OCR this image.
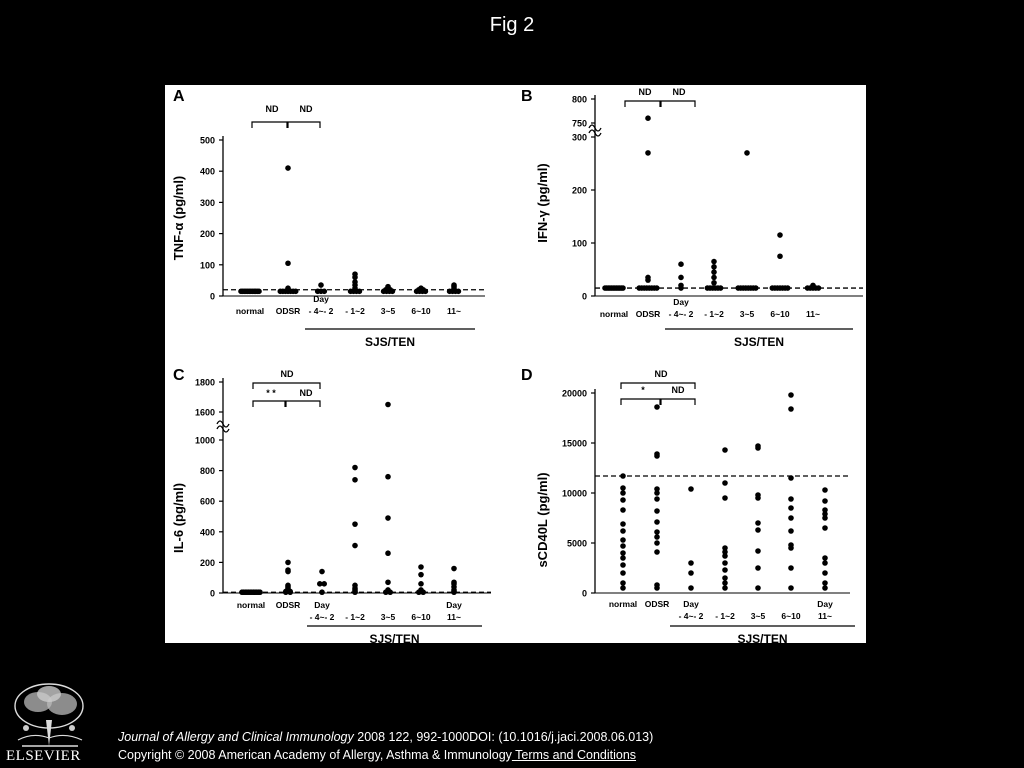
Fig 2
A
0
100
200
300
400
500
TNF-α (pg/ml)
normal ODSR
Day
- 4~- 2 - 1~2 3~5 6~10 11~
SJS/TEN
ND ND
B
0
100
200
300
750
800
IFN-γ (pg/ml)
normal ODSR
Day
- 4~- 2 - 1~2 3~5 6~10 11~
SJS/TEN
ND ND
C
0
200
400
600
800
1000
1600
1800
IL-6 (pg/ml)
normal ODSR Day
- 4~- 2 - 1~2 3~5 6~10
Day
11~
SJS/TEN
ND
* *	ND
D
0
5000
10000
15000
20000
sCD40L (pg/ml)
normal ODSR Day
- 4~- 2 - 1~2 3~5 6~10
Day
11~
SJS/TEN
ND
*	ND
ELSEVIER
Journal of Allergy and Clinical Immunology 2008 122, 992-1000DOI: (10.1016/j.jaci.2008.06.013)
Copyright © 2008 American Academy of Allergy, Asthma & Immunology Terms and Conditions
